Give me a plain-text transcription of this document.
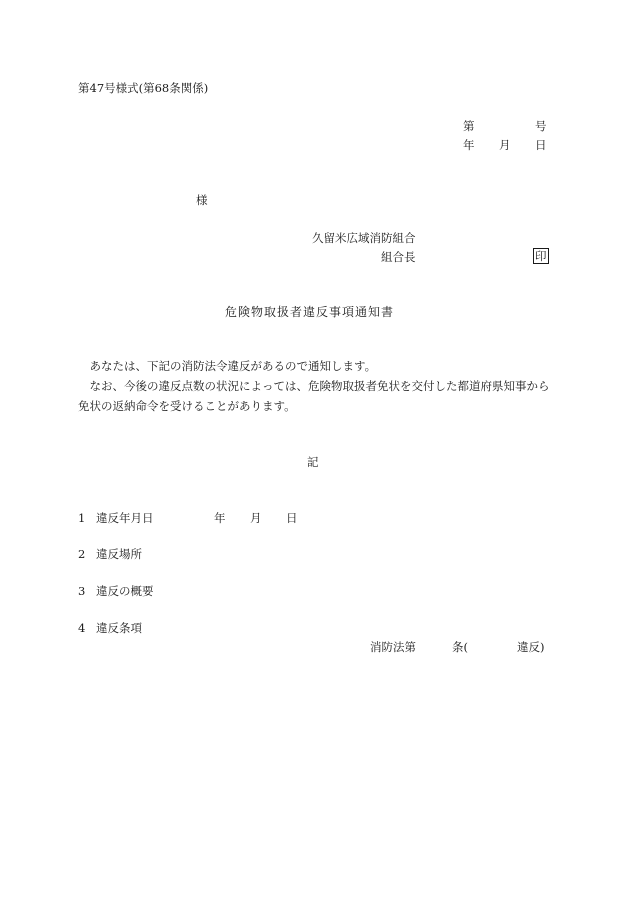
第47号様式(第68条関係)
第	号
年 月 日
様
久留米広域消防組合
組合長	印
危険物取扱者違反事項通知書
あなたは、下記の消防法令違反があるので通知します。
なお、今後の違反点数の状況によっては、危険物取扱者免状を交付した都道府県知事から免状の返納命令を受けることがあります。
記
1 違反年月日	年 月 日
2 違反場所
3 違反の概要
4 違反条項
消防法第	条(	違反)
